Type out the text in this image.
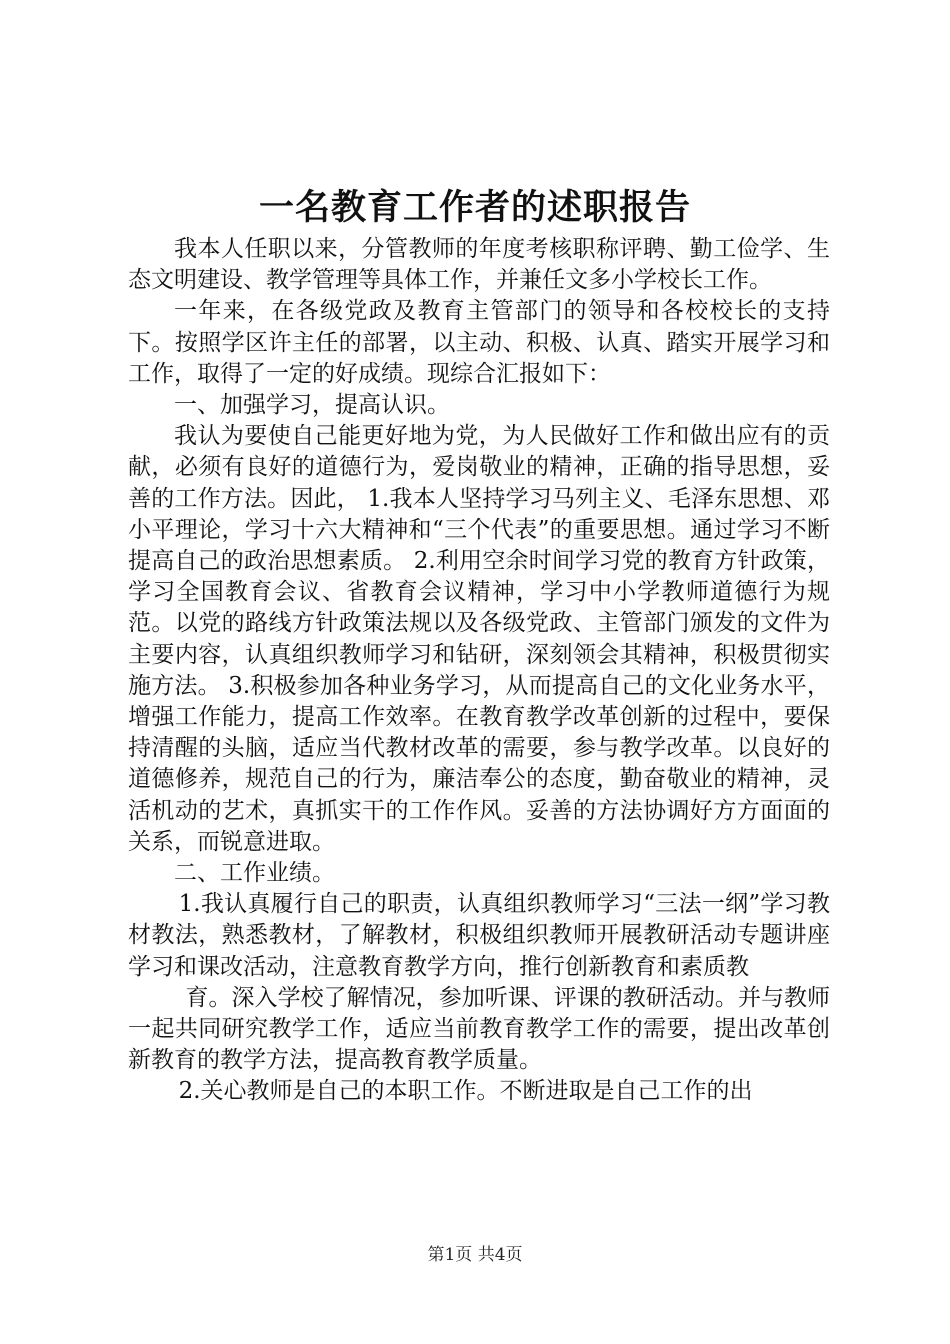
一名教育工作者的述职报告

我本人任职以来，分管教师的年度考核职称评聘、勤工俭学、生态文明建设、教学管理等具体工作，并兼任文多小学校长工作。

一年来，在各级党政及教育主管部门的领导和各校校长的支持下。按照学区许主任的部署，以主动、积极、认真、踏实开展学习和工作，取得了一定的好成绩。现综合汇报如下：

一、加强学习，提高认识。

我认为要使自己能更好地为党，为人民做好工作和做出应有的贡献，必须有良好的道德行为，爱岗敬业的精神，正确的指导思想，妥善的工作方法。因此， 1.我本人坚持学习马列主义、毛泽东思想、邓小平理论，学习十六大精神和“三个代表”的重要思想。通过学习不断提高自己的政治思想素质。 2.利用空余时间学习党的教育方针政策，学习全国教育会议、省教育会议精神，学习中小学教师道德行为规范。以党的路线方针政策法规以及各级党政、主管部门颁发的文件为主要内容，认真组织教师学习和钻研，深刻领会其精神，积极贯彻实施方法。 3.积极参加各种业务学习，从而提高自己的文化业务水平，增强工作能力，提高工作效率。在教育教学改革创新的过程中，要保持清醒的头脑，适应当代教材改革的需要，参与教学改革。以良好的道德修养，规范自己的行为，廉洁奉公的态度，勤奋敬业的精神，灵活机动的艺术，真抓实干的工作作风。妥善的方法协调好方方面面的关系，而锐意进取。

二、工作业绩。

1.我认真履行自己的职责，认真组织教师学习“三法一纲”学习教材教法，熟悉教材，了解教材，积极组织教师开展教研活动专题讲座学习和课改活动，注意教育教学方向，推行创新教育和素质教

育。深入学校了解情况，参加听课、评课的教研活动。并与教师一起共同研究教学工作，适应当前教育教学工作的需要，提出改革创新教育的教学方法，提高教育教学质量。

2.关心教师是自己的本职工作。不断进取是自己工作的出

第1页 共4页
